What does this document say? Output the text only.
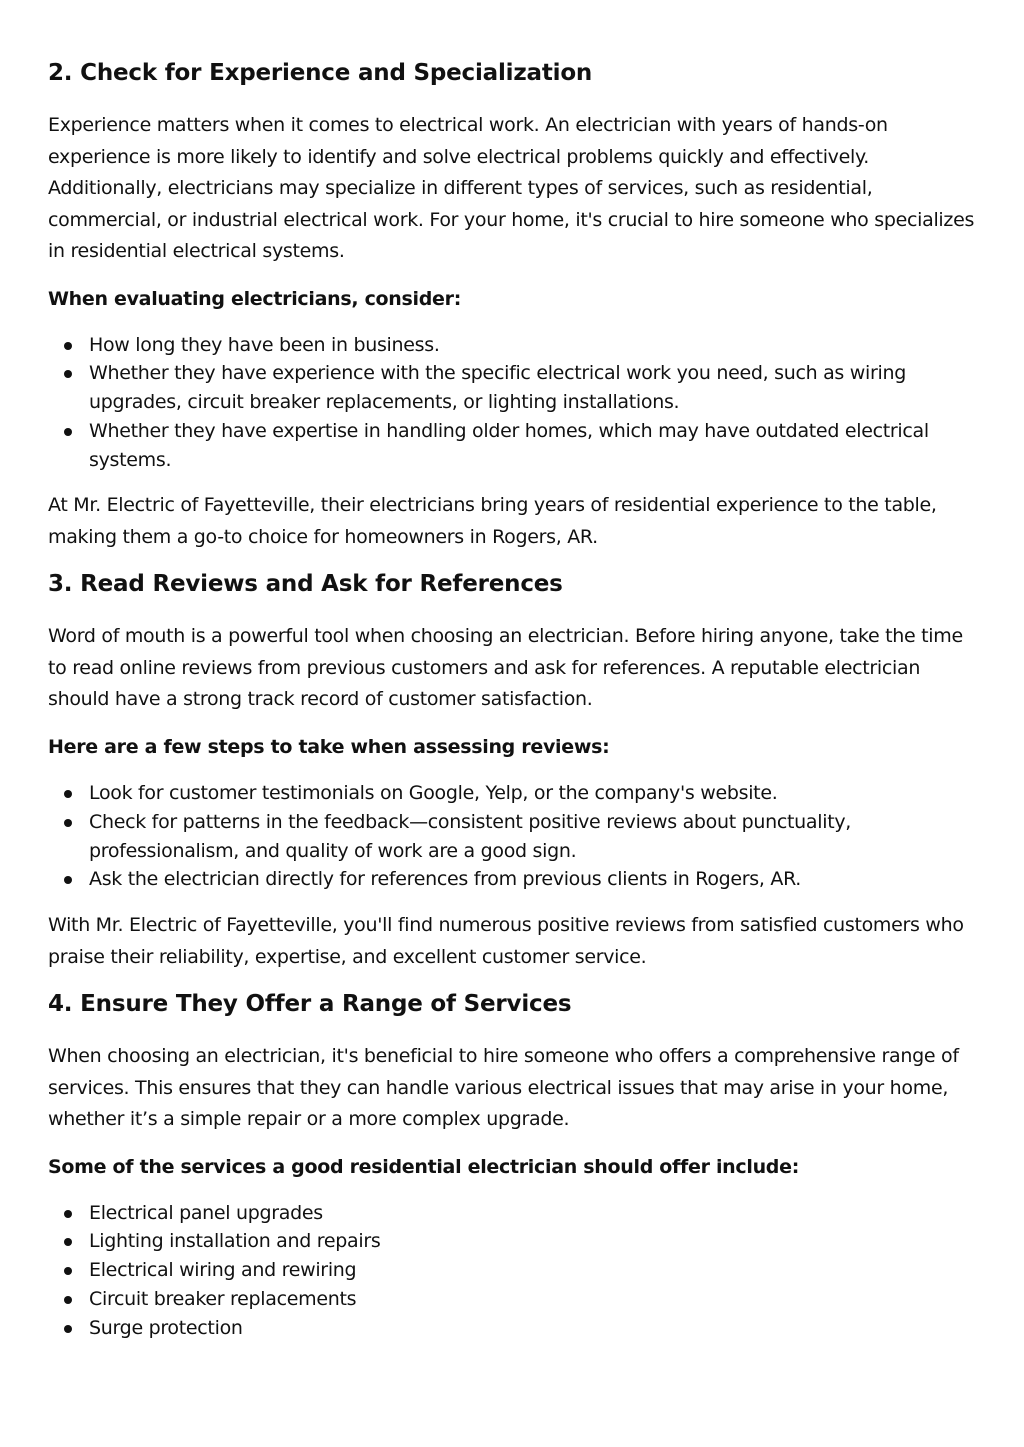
2. Check for Experience and Specialization

Experience matters when it comes to electrical work. An electrician with years of hands-on experience is more likely to identify and solve electrical problems quickly and effectively. Additionally, electricians may specialize in different types of services, such as residential, commercial, or industrial electrical work. For your home, it's crucial to hire someone who specializes in residential electrical systems.

When evaluating electricians, consider:

How long they have been in business.
Whether they have experience with the specific electrical work you need, such as wiring upgrades, circuit breaker replacements, or lighting installations.
Whether they have expertise in handling older homes, which may have outdated electrical systems.

At Mr. Electric of Fayetteville, their electricians bring years of residential experience to the table, making them a go-to choice for homeowners in Rogers, AR.

3. Read Reviews and Ask for References

Word of mouth is a powerful tool when choosing an electrician. Before hiring anyone, take the time to read online reviews from previous customers and ask for references. A reputable electrician should have a strong track record of customer satisfaction.

Here are a few steps to take when assessing reviews:

Look for customer testimonials on Google, Yelp, or the company's website.
Check for patterns in the feedback—consistent positive reviews about punctuality, professionalism, and quality of work are a good sign.
Ask the electrician directly for references from previous clients in Rogers, AR.

With Mr. Electric of Fayetteville, you'll find numerous positive reviews from satisfied customers who praise their reliability, expertise, and excellent customer service.

4. Ensure They Offer a Range of Services

When choosing an electrician, it's beneficial to hire someone who offers a comprehensive range of services. This ensures that they can handle various electrical issues that may arise in your home, whether it’s a simple repair or a more complex upgrade.

Some of the services a good residential electrician should offer include:

Electrical panel upgrades
Lighting installation and repairs
Electrical wiring and rewiring
Circuit breaker replacements
Surge protection
